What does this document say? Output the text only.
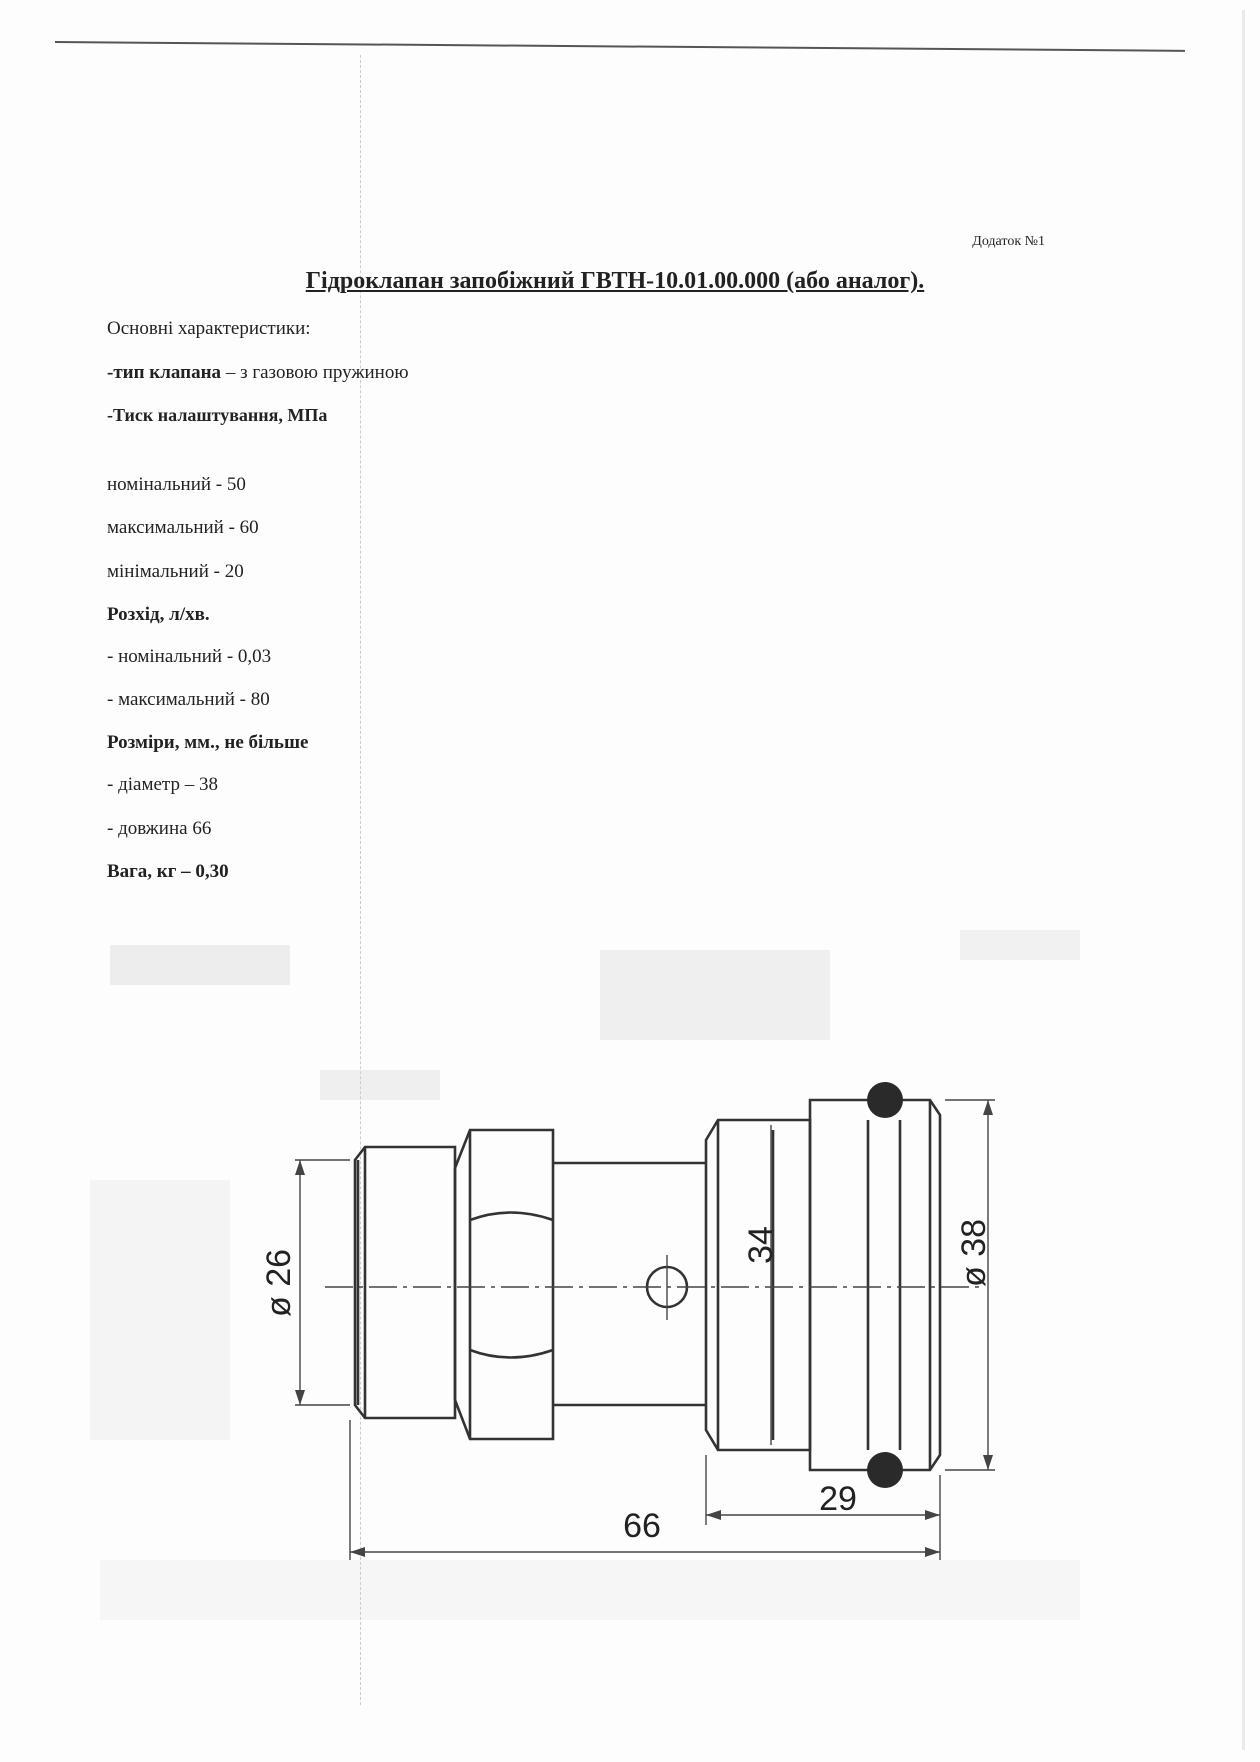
Додаток №1
Гідроклапан запобіжний ГВТН-10.01.00.000 (або аналог).
Основні характеристики:
-тип клапана – з газовою пружиною
-Тиск налаштування, МПа
номінальний - 50
максимальний - 60
мінімальний - 20
Розхід, л/хв.
- номінальний - 0,03
- максимальний - 80
Розміри, мм., не більше
- діаметр – 38
- довжина 66
Вага, кг – 0,30
ø 26
34	ø 38
29
66
